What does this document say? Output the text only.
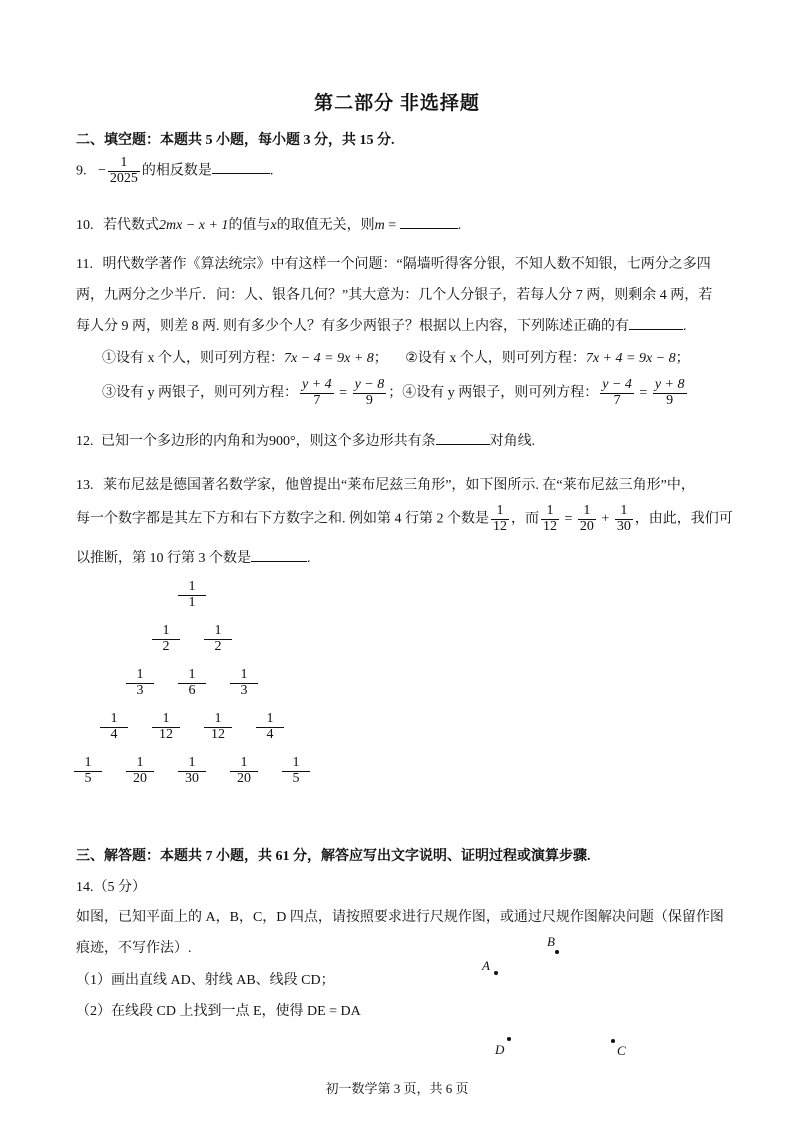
第二部分 非选择题
二、填空题：本题共 5 小题，每小题 3 分，共 15 分.
9. − $\frac{1}{2025}$ 的相反数是	.
10. 若代数式2mx − x + 1的值与x的取值无关，则m =	.
11. 明代数学著作《算法统宗》中有这样一个问题：“隔墙听得客分银，不知人数不知银，七两分之多四
两，九两分之少半斤．问：人、银各几何？”其大意为：几个人分银子，若每人分 7 两，则剩余 4 两，若
每人分 9 两，则差 8 两. 则有多少个人？有多少两银子？根据以上内容，下列陈述正确的有	.
①设有 x 个人，则可列方程：7x − 4 = 9x + 8； ②设有 x 个人，则可列方程：7x + 4 = 9x − 8；
③设有 y 两银子，则可列方程： $\frac{y + 4}{7} = \frac{y - 8}{9}$ ；④设有 y 两银子，则可列方程： $\frac{y - 4}{7} = \frac{y + 8}{9}$
12. 已知一个多边形的内角和为900°，则这个多边形共有条	对角线.
13. 莱布尼兹是德国著名数学家，他曾提出“莱布尼兹三角形”，如下图所示. 在“莱布尼兹三角形”中，
每一个数字都是其左下方和右下方数字之和. 例如第 4 行第 2 个数是 $\frac{1}{12}$ ，而 $\frac{1}{12} = \frac{1}{20} + \frac{1}{30}$ ，由此，我们可
以推断，第 10 行第 3 个数是	.
$\frac{1}{1}$
$\frac{1}{2} \frac{1}{2}$
$\frac{1}{3} \frac{1}{6} \frac{1}{3}$
$\frac{1}{4} \frac{1}{12} \frac{1}{12} \frac{1}{4}$
$\frac{1}{5} \frac{1}{20} \frac{1}{30} \frac{1}{20} \frac{1}{5}$
三、解答题：本题共 7 小题，共 61 分，解答应写出文字说明、证明过程或演算步骤.
14.（5 分）
如图，已知平面上的 A，B，C，D 四点，请按照要求进行尺规作图，或通过尺规作图解决问题（保留作图
痕迹，不写作法）.
（1）画出直线 AD、射线 AB、线段 CD；
（2）在线段 CD 上找到一点 E，使得 DE = DA
A
B
D	C
初一数学第 3 页，共 6 页
